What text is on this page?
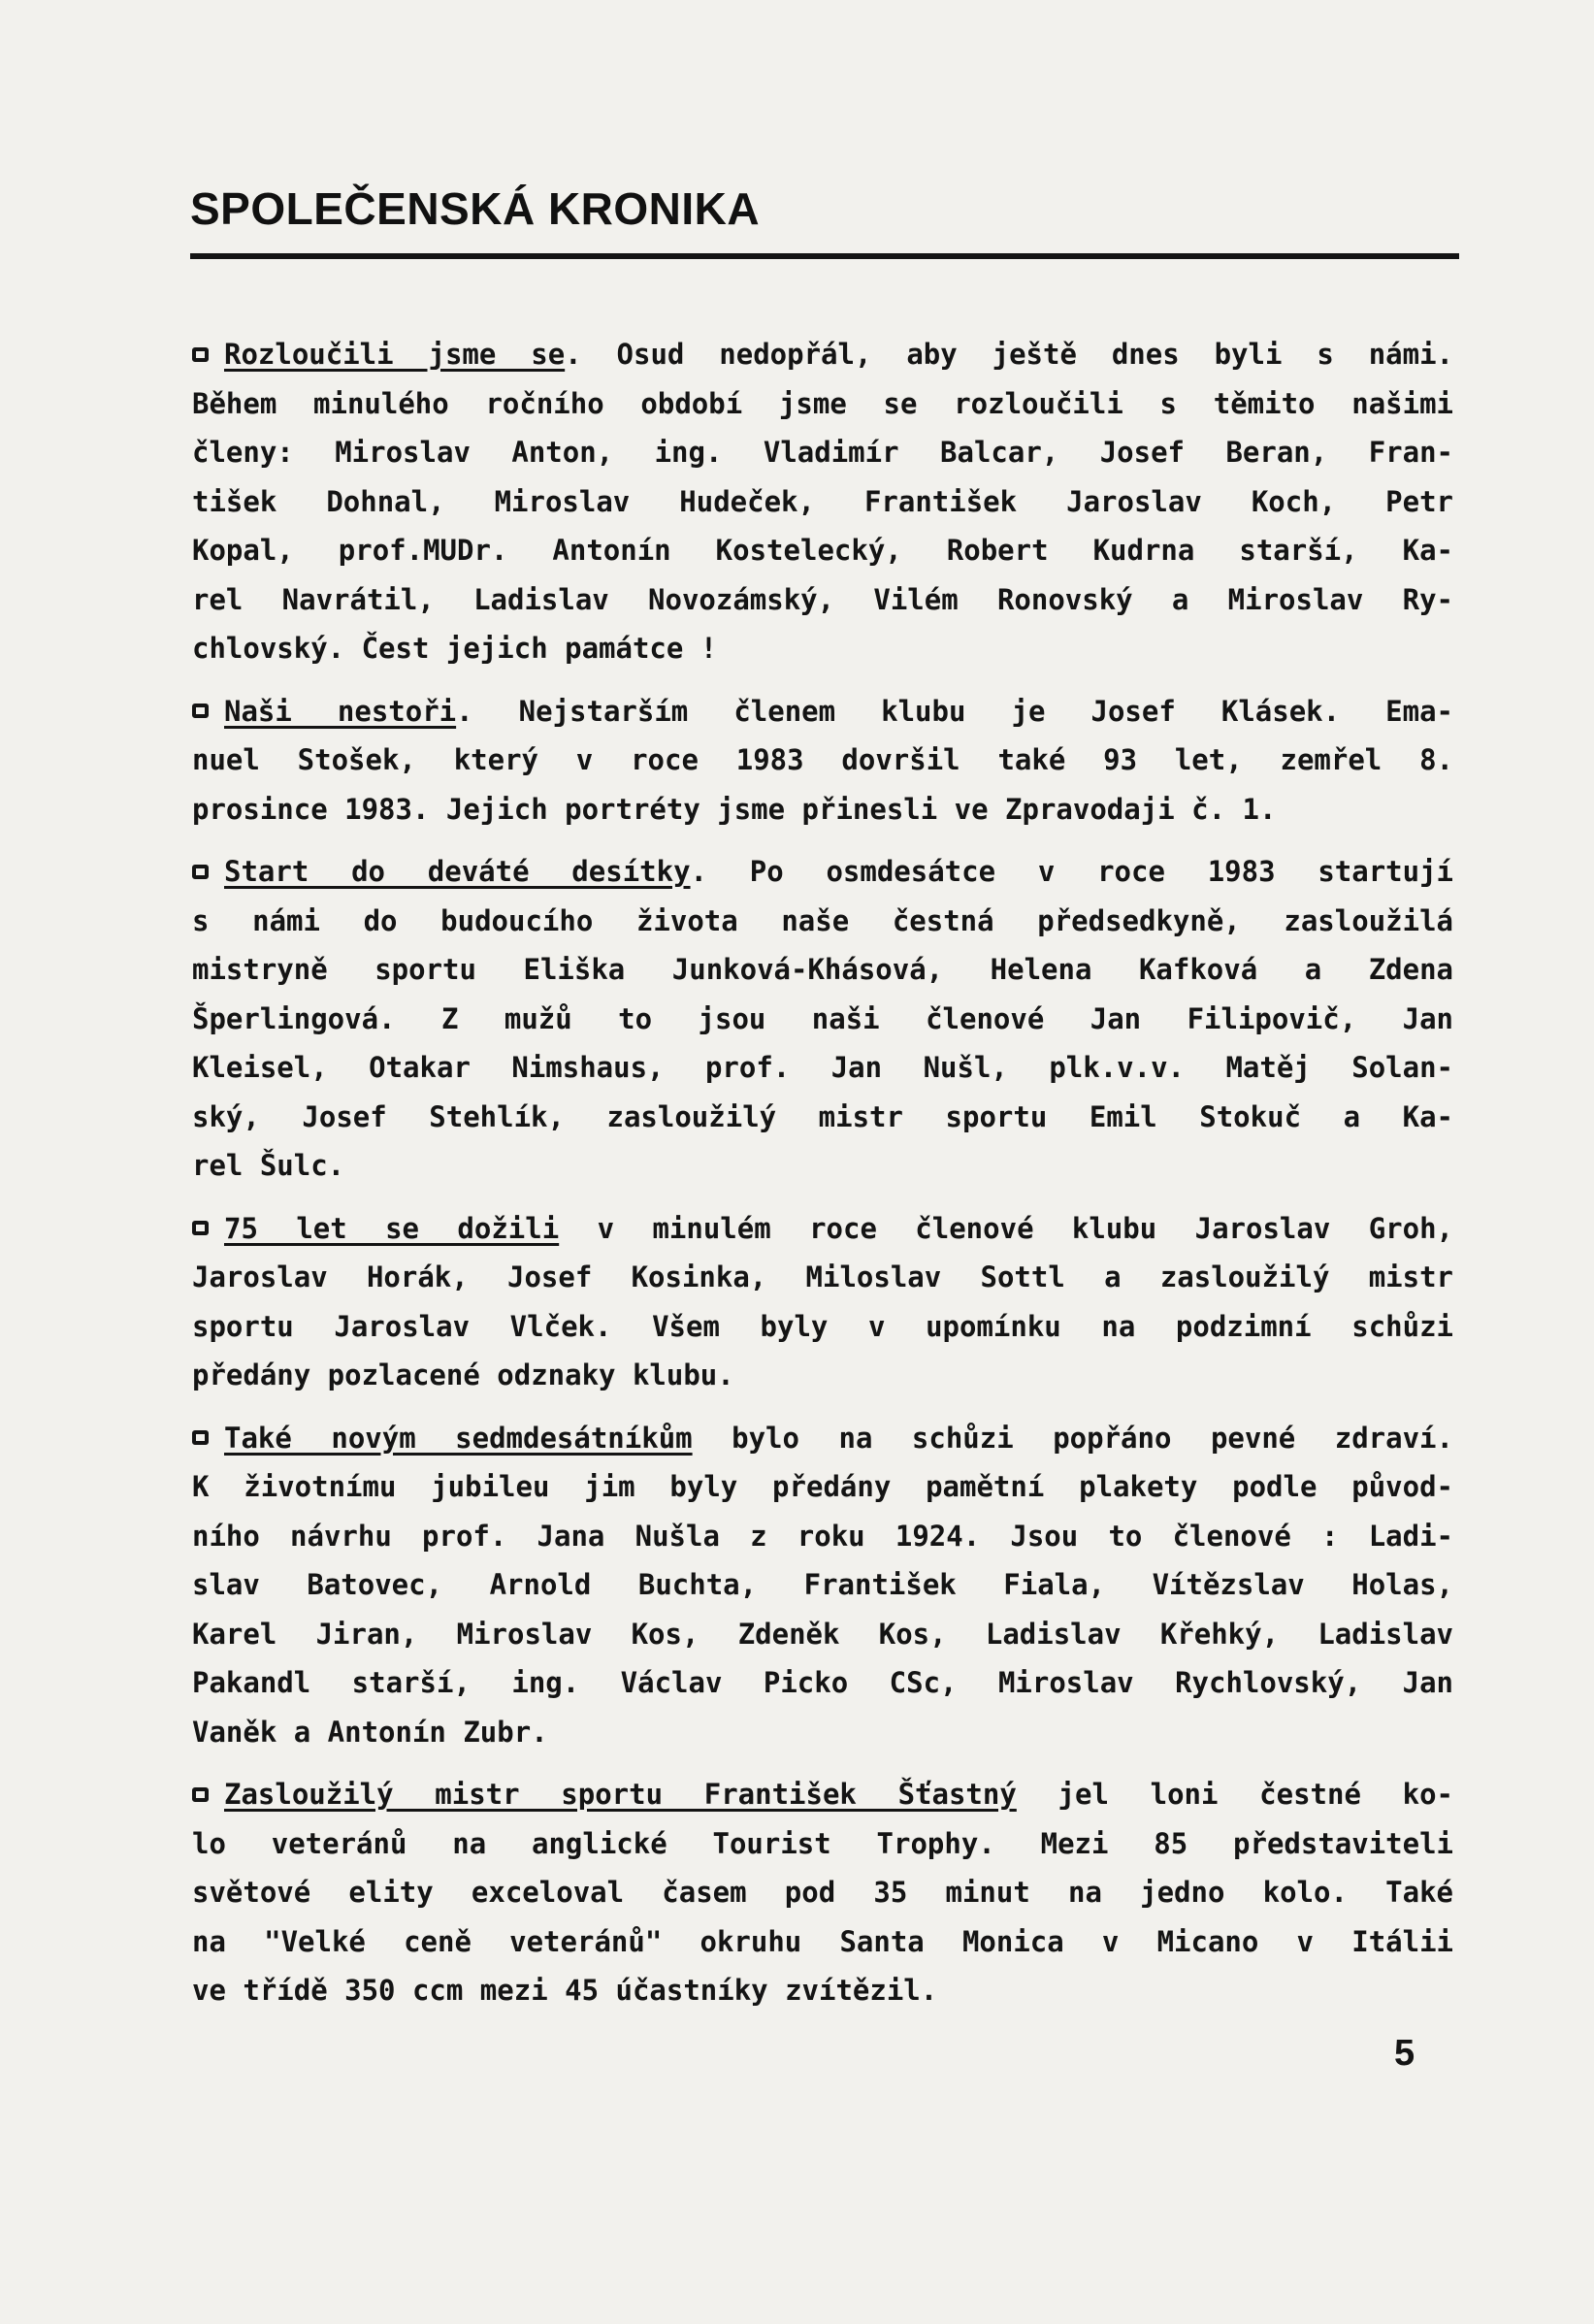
SPOLEČENSKÁ KRONIKA
Rozloučili jsme se. Osud nedopřál, aby ještě dnes byli s námi.
Během minulého ročního období jsme se rozloučili s těmito našimi
členy: Miroslav Anton, ing. Vladimír Balcar, Josef Beran, Fran-
tišek Dohnal, Miroslav Hudeček, František Jaroslav Koch, Petr
Kopal, prof.MUDr. Antonín Kostelecký, Robert Kudrna starší, Ka-
rel Navrátil, Ladislav Novozámský, Vilém Ronovský a Miroslav Ry-
chlovský. Čest jejich památce !
Naši nestoři. Nejstarším členem klubu je Josef Klásek. Ema-
nuel Stošek, který v roce 1983 dovršil také 93 let, zemřel 8.
prosince 1983. Jejich portréty jsme přinesli ve Zpravodaji č. 1.
Start do deváté desítky. Po osmdesátce v roce 1983 startují
s námi do budoucího života naše čestná předsedkyně, zasloužilá
mistryně sportu Eliška Junková-Khásová, Helena Kafková a Zdena
Šperlingová. Z mužů to jsou naši členové Jan Filipovič, Jan
Kleisel, Otakar Nimshaus, prof. Jan Nušl, plk.v.v. Matěj Solan-
ský, Josef Stehlík, zasloužilý mistr sportu Emil Stokuč a Ka-
rel Šulc.
75 let se dožili v minulém roce členové klubu Jaroslav Groh,
Jaroslav Horák, Josef Kosinka, Miloslav Sottl a zasloužilý mistr
sportu Jaroslav Vlček. Všem byly v upomínku na podzimní schůzi
předány pozlacené odznaky klubu.
Také novým sedmdesátníkům bylo na schůzi popřáno pevné zdraví.
K životnímu jubileu jim byly předány pamětní plakety podle původ-
ního návrhu prof. Jana Nušla z roku 1924. Jsou to členové : Ladi-
slav Batovec, Arnold Buchta, František Fiala, Vítězslav Holas,
Karel Jiran, Miroslav Kos, Zdeněk Kos, Ladislav Křehký, Ladislav
Pakandl starší, ing. Václav Picko CSc, Miroslav Rychlovský, Jan
Vaněk a Antonín Zubr.
Zasloužilý mistr sportu František Šťastný jel loni čestné ko-
lo veteránů na anglické Tourist Trophy. Mezi 85 představiteli
světové elity exceloval časem pod 35 minut na jedno kolo. Také
na "Velké ceně veteránů" okruhu Santa Monica v Micano v Itálii
ve třídě 350 ccm mezi 45 účastníky zvítězil.
5
